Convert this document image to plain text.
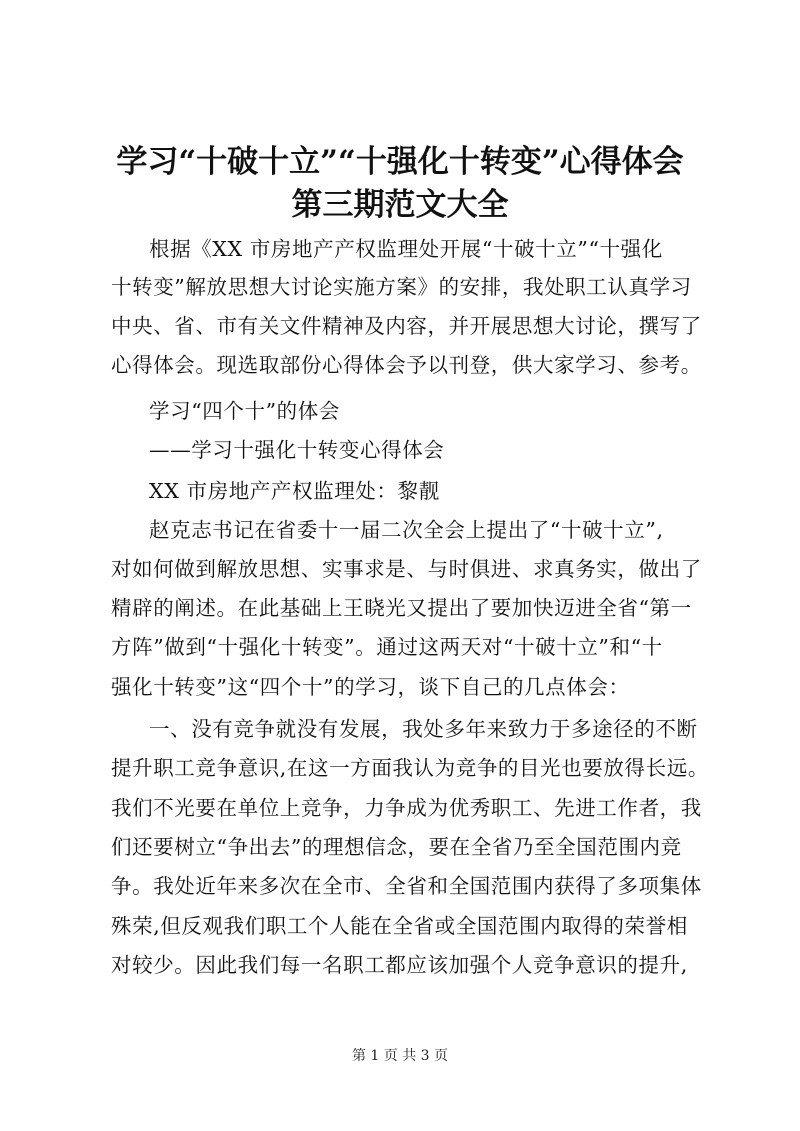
学习“十破十立”“十强化十转变”心得体会
第三期范文大全
根据《XX 市房地产产权监理处开展“十破十立”“十强化
十转变”解放思想大讨论实施方案》的安排，我处职工认真学习
中央、省、市有关文件精神及内容，并开展思想大讨论，撰写了
心得体会。现选取部份心得体会予以刊登，供大家学习、参考。
学习“四个十”的体会
——学习十强化十转变心得体会
XX 市房地产产权监理处：黎靓
赵克志书记在省委十一届二次全会上提出了“十破十立”,
对如何做到解放思想、实事求是、与时俱进、求真务实，做出了
精辟的阐述。在此基础上王晓光又提出了要加快迈进全省“第一
方阵”做到“十强化十转变”。通过这两天对“十破十立”和“十
强化十转变”这“四个十”的学习，谈下自己的几点体会：
一、没有竞争就没有发展，我处多年来致力于多途径的不断
提升职工竞争意识,在这一方面我认为竞争的目光也要放得长远。
我们不光要在单位上竞争，力争成为优秀职工、先进工作者，我
们还要树立“争出去”的理想信念，要在全省乃至全国范围内竞
争。我处近年来多次在全市、全省和全国范围内获得了多项集体
殊荣,但反观我们职工个人能在全省或全国范围内取得的荣誉相
对较少。因此我们每一名职工都应该加强个人竞争意识的提升,
第 1 页 共 3 页
